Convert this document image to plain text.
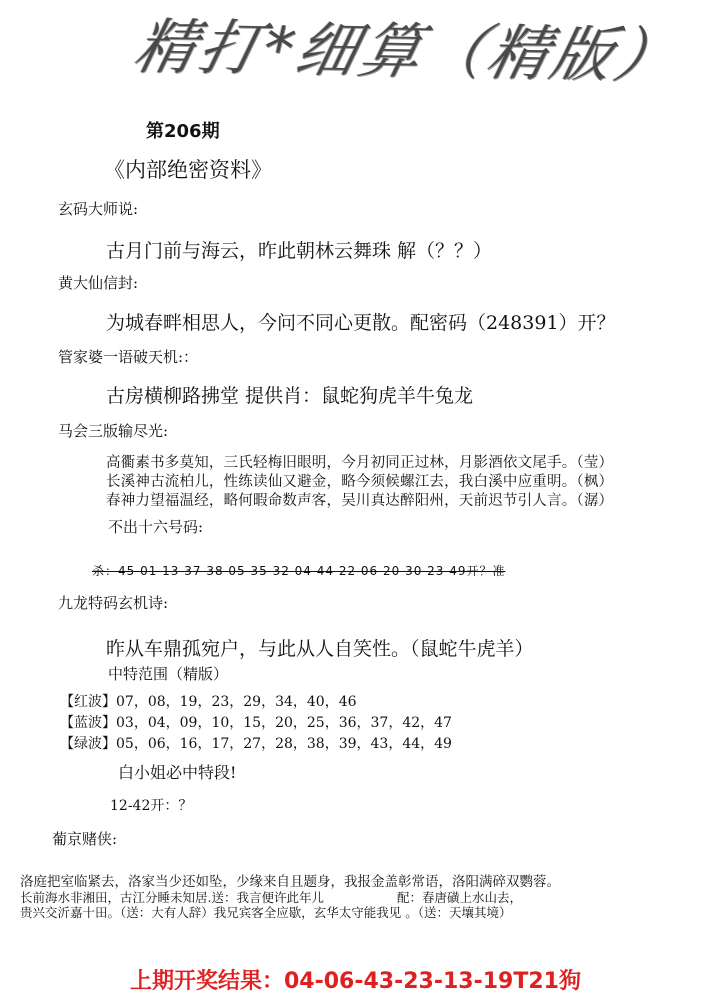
精打*细算（精版）
第206期
《内部绝密资料》
玄码大师说:
古月门前与海云，昨此朝林云舞珠 解（？？）
黄大仙信封:
为城春畔相思人，今问不同心更散。配密码（248391）开？
管家婆一语破天机:：
古房横柳路拂堂 提供肖：鼠蛇狗虎羊牛兔龙
马会三版输尽光:
高衢素书多莫知，三氏轻梅旧眼明，今月初同正过林，月影酒依文尾手。（莹）
长溪神古流柏儿，性练读仙又避金，略今须候螺江去，我白溪中应重明。（枫）
春神力望福温经，略何暇命数声客，吴川真达醉阳州，天前迟节引人言。（潺）
不出十六号码:
杀：45 01 13 37 38 05 35 32 04 44 22 06 20 30 23 49开？准
九龙特码玄机诗:
昨从车鼎孤宛户，与此从人自笑性。（鼠蛇牛虎羊）
中特范围（精版）
【红波】07，08，19，23，29，34，40，46
【蓝波】03，04，09，10，15，20，25，36，37，42，47
【绿波】05，06，16，17，27，28，38，39，43，44，49
白小姐必中特段!
12-42开：？
葡京赌侠:
洛庭把室临紧去，洛家当少还如坠，少缘来自且题身，我报金盖彰常语，洛阳满碎双鹦蓉。
长前海水非湘田，古江分睡未知居.送：我言便许此年儿	配：春唐磺上水山去，
贵兴交沂嘉十田。（送：大有人辞）我兄宾客全应歇，玄华太守能我见 。（送：天壤其境）
上期开奖结果：04-06-43-23-13-19T21狗
